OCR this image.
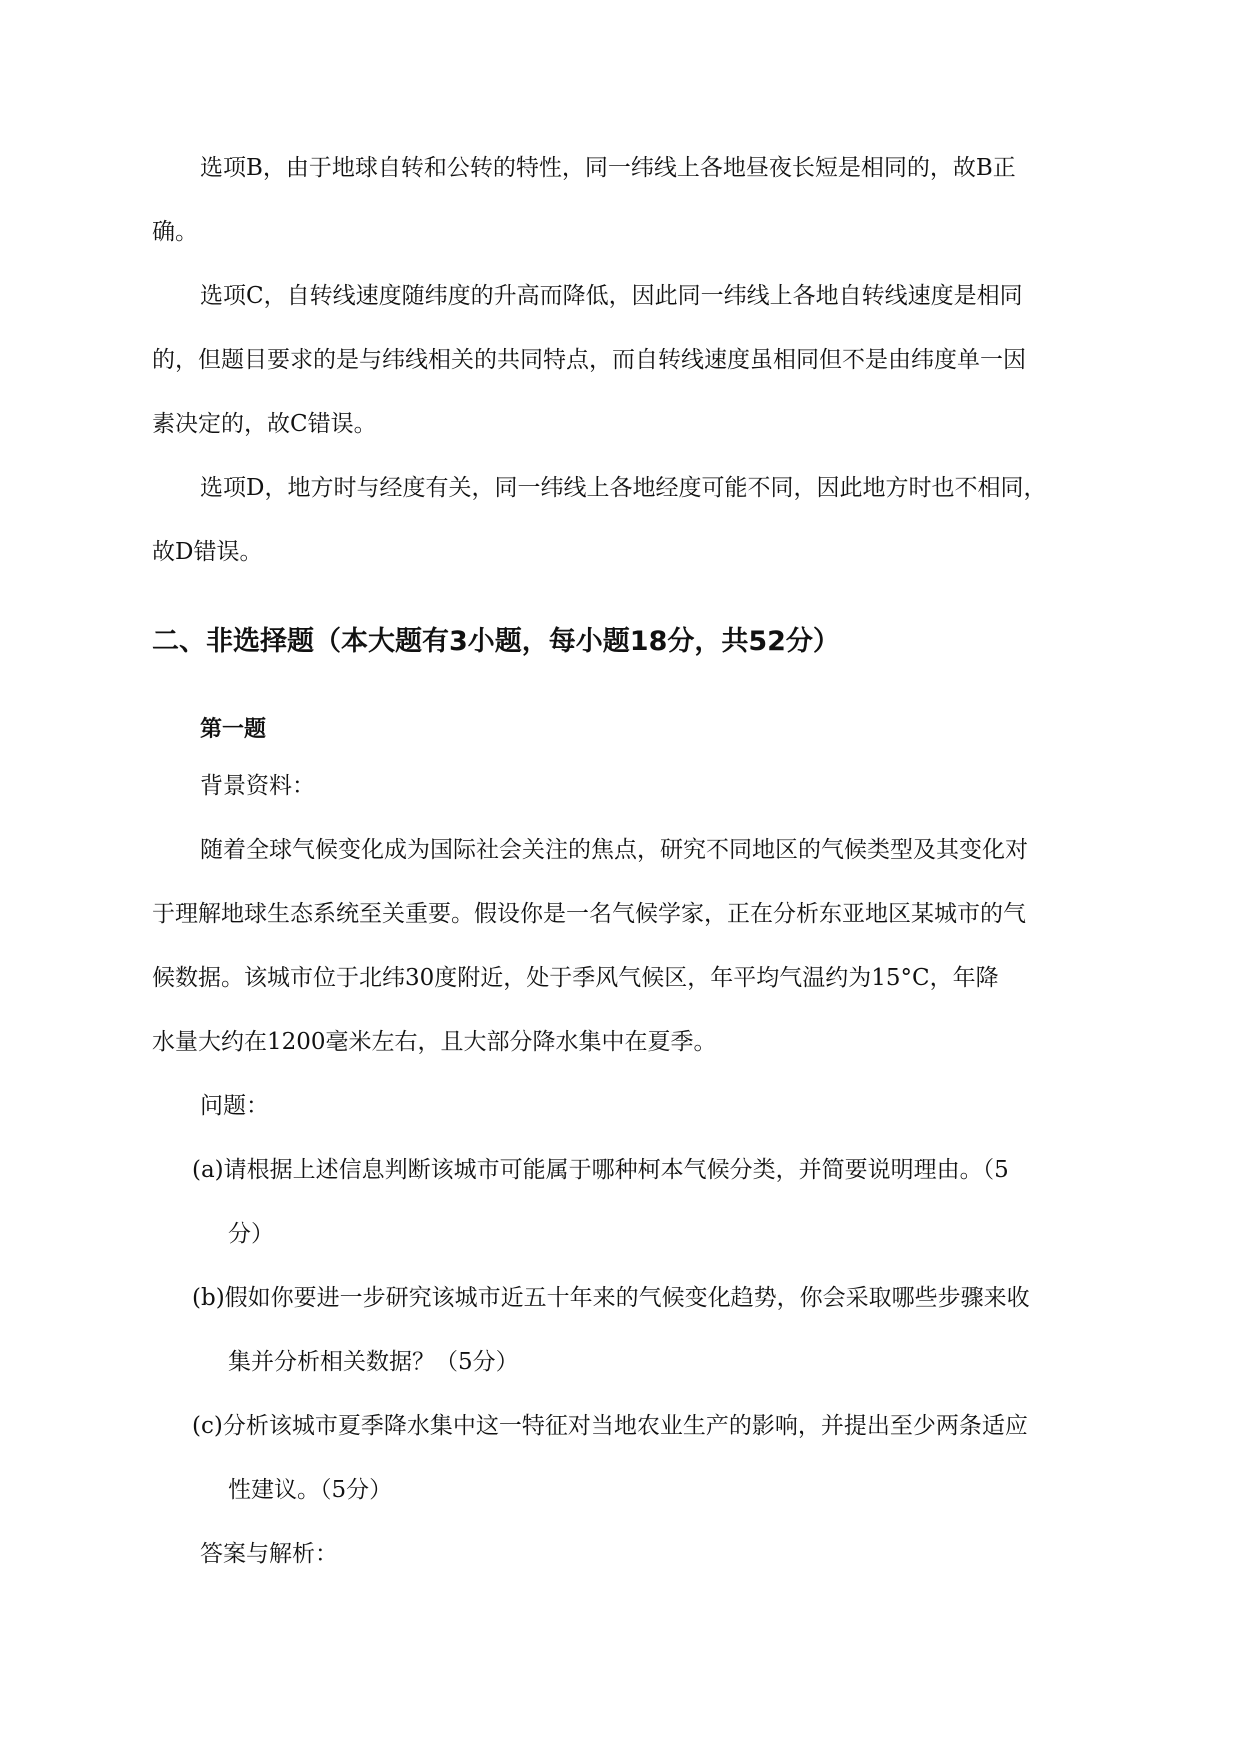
选项B，由于地球自转和公转的特性，同一纬线上各地昼夜长短是相同的，故B正

确。

选项C，自转线速度随纬度的升高而降低，因此同一纬线上各地自转线速度是相同

的，但题目要求的是与纬线相关的共同特点，而自转线速度虽相同但不是由纬度单一因

素决定的，故C错误。

选项D，地方时与经度有关，同一纬线上各地经度可能不同，因此地方时也不相同，

故D错误。

二、非选择题（本大题有3小题，每小题18分，共52分）
第一题

背景资料：

随着全球气候变化成为国际社会关注的焦点，研究不同地区的气候类型及其变化对

于理解地球生态系统至关重要。假设你是一名气候学家，正在分析东亚地区某城市的气

候数据。该城市位于北纬30度附近，处于季风气候区，年平均气温约为15°C，年降

水量大约在1200毫米左右，且大部分降水集中在夏季。

问题：

(a)请根据上述信息判断该城市可能属于哪种柯本气候分类，并简要说明理由。（5
分）
(b)假如你要进一步研究该城市近五十年来的气候变化趋势，你会采取哪些步骤来收
集并分析相关数据？（5分）
(c)分析该城市夏季降水集中这一特征对当地农业生产的影响，并提出至少两条适应
性建议。（5分）

答案与解析：
